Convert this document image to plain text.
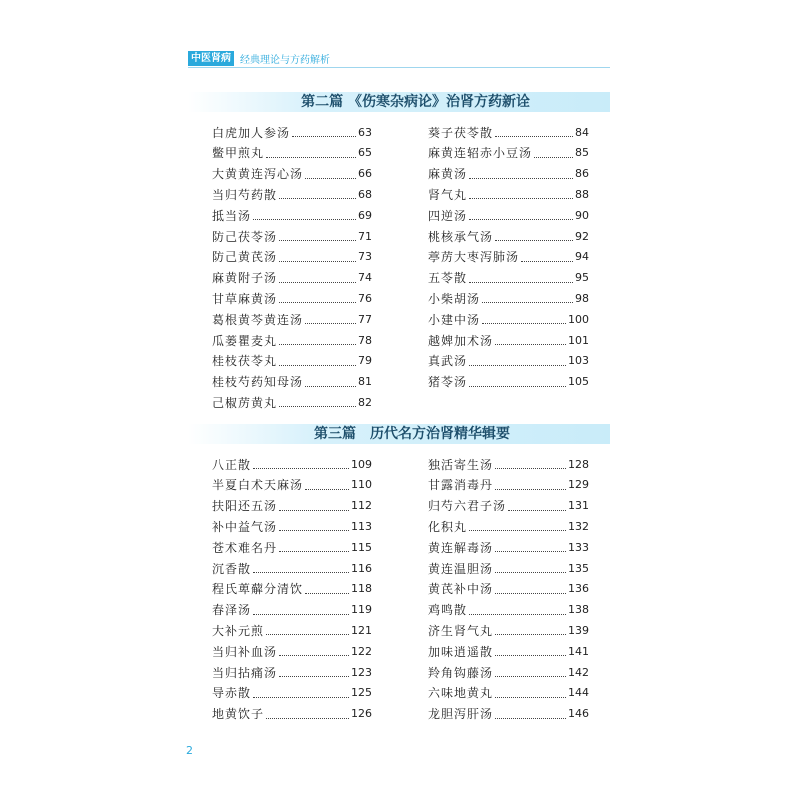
中医肾病 经典理论与方药解析
第二篇 《伤寒杂病论》治肾方药新诠
白虎加人参汤	63
鳖甲煎丸	65
大黄黄连泻心汤	66
当归芍药散	68
抵当汤	69
防己茯苓汤	71
防己黄芪汤	73
麻黄附子汤	74
甘草麻黄汤	76
葛根黄芩黄连汤	77
瓜蒌瞿麦丸	78
桂枝茯苓丸	79
桂枝芍药知母汤	81
己椒苈黄丸	82
葵子茯苓散	84
麻黄连轺赤小豆汤	85
麻黄汤	86
肾气丸	88
四逆汤	90
桃核承气汤	92
葶苈大枣泻肺汤	94
五苓散	95
小柴胡汤	98
小建中汤	100
越婢加术汤	101
真武汤	103
猪苓汤	105
第三篇　历代名方治肾精华辑要
八正散	109
半夏白术天麻汤	110
扶阳还五汤	112
补中益气汤	113
苍术难名丹	115
沉香散	116
程氏萆薢分清饮	118
春泽汤	119
大补元煎	121
当归补血汤	122
当归拈痛汤	123
导赤散	125
地黄饮子	126
独活寄生汤	128
甘露消毒丹	129
归芍六君子汤	131
化积丸	132
黄连解毒汤	133
黄连温胆汤	135
黄芪补中汤	136
鸡鸣散	138
济生肾气丸	139
加味逍遥散	141
羚角钩藤汤	142
六味地黄丸	144
龙胆泻肝汤	146
2
